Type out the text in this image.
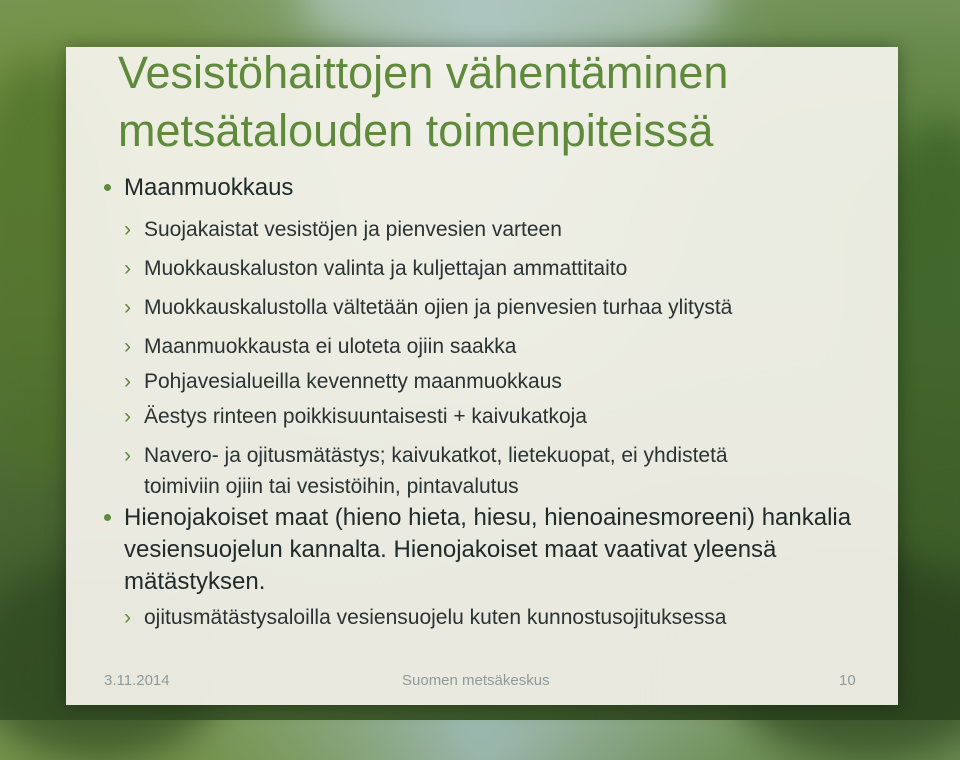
Vesistöhaittojen vähentäminen metsätalouden toimenpiteissä
Maanmuokkaus
› Suojakaistat vesistöjen ja pienvesien varteen
› Muokkauskaluston valinta ja kuljettajan ammattitaito
› Muokkauskalustolla vältetään ojien ja pienvesien turhaa ylitystä
› Maanmuokkausta ei uloteta ojiin saakka
› Pohjavesialueilla kevennetty maanmuokkaus
› Äestys rinteen poikkisuuntaisesti + kaivukatkoja
› Navero- ja ojitusmätästys; kaivukatkot, lietekuopat, ei yhdistetä toimiviin ojiin tai vesistöihin, pintavalutus
Hienojakoiset maat (hieno hieta, hiesu, hienoainesmoreeni) hankalia vesiensuojelun kannalta. Hienojakoiset maat vaativat yleensä mätästyksen.
› ojitusmätästysaloilla vesiensuojelu kuten kunnostusojituksessa
3.11.2014	Suomen metsäkeskus	10
